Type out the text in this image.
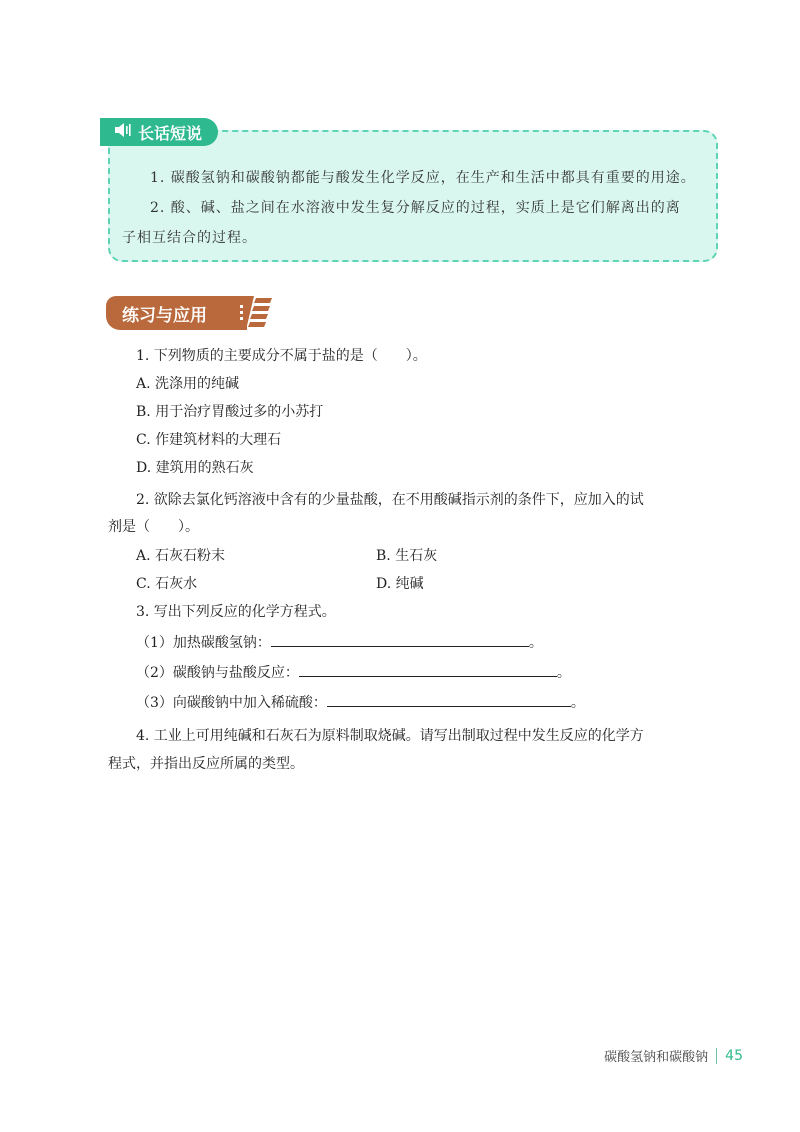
长话短说
1. 碳酸氢钠和碳酸钠都能与酸发生化学反应，在生产和生活中都具有重要的用途。
2. 酸、碱、盐之间在水溶液中发生复分解反应的过程，实质上是它们解离出的离
子相互结合的过程。
练习与应用
1. 下列物质的主要成分不属于盐的是（　　）。
A. 洗涤用的纯碱
B. 用于治疗胃酸过多的小苏打
C. 作建筑材料的大理石
D. 建筑用的熟石灰
2. 欲除去氯化钙溶液中含有的少量盐酸，在不用酸碱指示剂的条件下，应加入的试
剂是（　　）。
A. 石灰石粉末	B. 生石灰
C. 石灰水	D. 纯碱
3. 写出下列反应的化学方程式。
（1）加热碳酸氢钠：	。
（2）碳酸钠与盐酸反应：	。
（3）向碳酸钠中加入稀硫酸：	。
4. 工业上可用纯碱和石灰石为原料制取烧碱。请写出制取过程中发生反应的化学方
程式，并指出反应所属的类型。
碳酸氢钠和碳酸钠 45
